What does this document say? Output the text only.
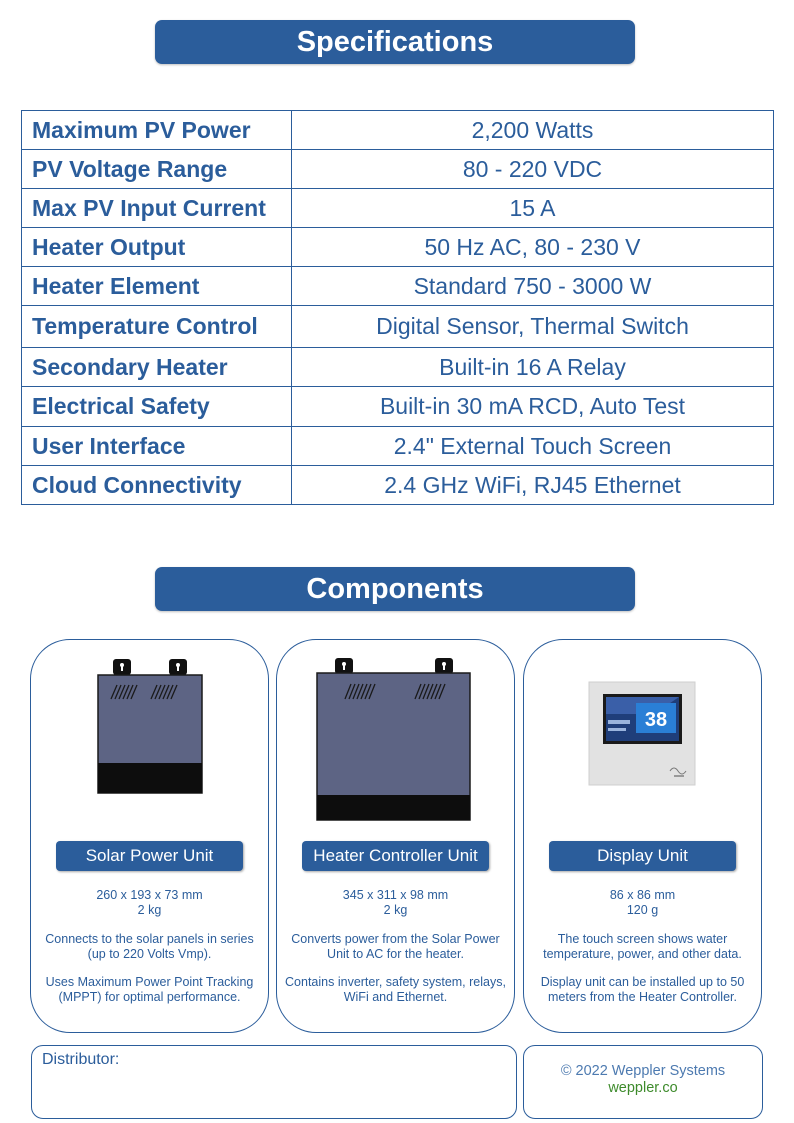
Specifications
Maximum PV Power	2,200 Watts
PV Voltage Range	80 - 220 VDC
Max PV Input Current	15 A
Heater Output	50 Hz AC, 80 - 230 V
Heater Element	Standard 750 - 3000 W
Temperature Control	Digital Sensor, Thermal Switch
Secondary Heater	Built-in 16 A Relay
Electrical Safety	Built-in 30 mA RCD, Auto Test
User Interface	2.4" External Touch Screen
Cloud Connectivity	2.4 GHz WiFi, RJ45 Ethernet
Components
Solar Power Unit
260 x 193 x 73 mm
2 kg
Connects to the solar panels in series (up to 220 Volts Vmp).
Uses Maximum Power Point Tracking (MPPT) for optimal performance.
Heater Controller Unit
345 x 311 x 98 mm
2 kg
Converts power from the Solar Power Unit to AC for the heater.
Contains inverter, safety system, relays, WiFi and Ethernet.
38
Display Unit
86 x 86 mm
120 g
The touch screen shows water temperature, power, and other data.
Display unit can be installed up to 50 meters from the Heater Controller.
Distributor:
© 2022 Weppler Systems
weppler.co
